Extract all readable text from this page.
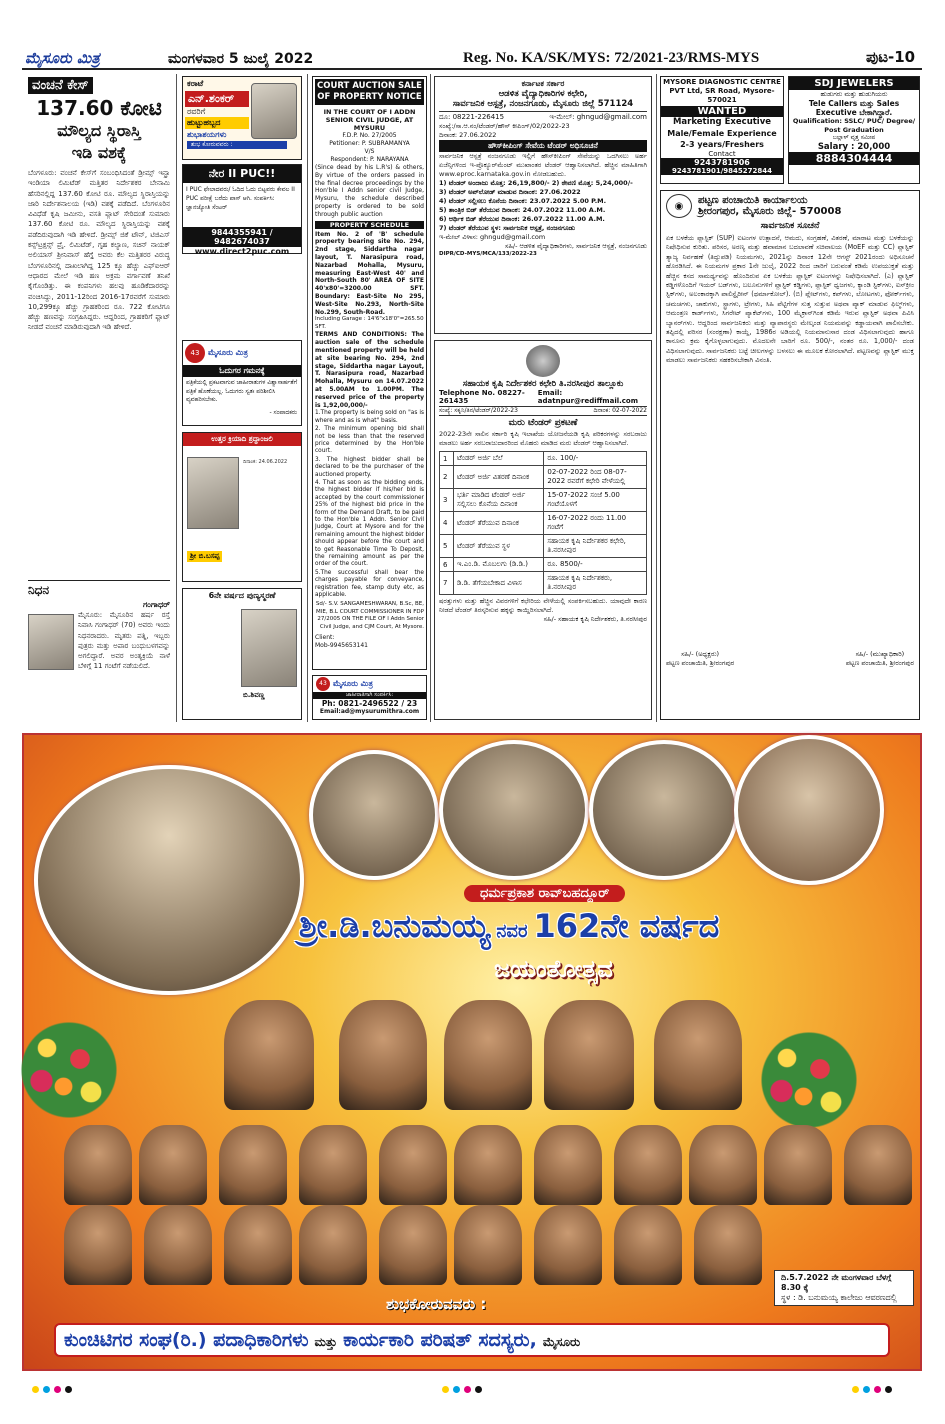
ಮೈಸೂರು ಮಿತ್ರ	ಮಂಗಳವಾರ 5 ಜುಲೈ 2022	Reg. No. KA/SK/MYS: 72/2021-23/RMS-MYS	ಪುಟ-10
ವಂಚನೆ ಕೇಸ್
137.60 ಕೋಟಿ
ಮೌಲ್ಯದ ಸ್ಥಿರಾಸ್ತಿ
ಇಡಿ ವಶಕ್ಕೆ
ಬೆಂಗಳೂರು: ವಂಚನೆ ಕೇಸ್‌ಗೆ ಸಂಬಂಧಿಸಿದಂತೆ ಡ್ರೀಮ್ಸ್ ಇನ್ಫ್ರಾ ಇಂಡಿಯಾ ಲಿಮಿಟೆಡ್ ಮತ್ತಿತರ ನಿರ್ದೇಶಕರ ಬೇನಾಮಿ ಹೆಸರಿನಲ್ಲಿದ್ದ 137.60 ಕೋಟಿ ರೂ. ಮೌಲ್ಯದ ಸ್ಥಿರಾಸ್ತಿಯನ್ನು ಜಾರಿ ನಿರ್ದೇಶನಾಲಯ (ಇಡಿ) ವಶಕ್ಕೆ ಪಡೆದಿದೆ. ಬೆಂಗಳೂರಿನ ವಿವಿಧೆಡೆ ಕೃಷಿ ಜಮೀನು, ವಸತಿ ಪ್ಲಾಟ್ ಸೇರಿದಂತೆ ಸುಮಾರು 137.60 ಕೋಟಿ ರೂ. ಮೌಲ್ಯದ ಸ್ಥಿರಾಸ್ತಿಯನ್ನು ವಶಕ್ಕೆ ಪಡೆದಿರುವುದಾಗಿ ಇಡಿ ಹೇಳಿದೆ. ಡ್ರೀಮ್ಸ್ ಜಿಕೆ ಟೌನ್, ಟಿಜಿಎಸ್ ಕನ್ಸ್‌ಟ್ರಕ್ಷನ್ಸ್ ಪ್ರೈ. ಲಿಮಿಟೆಡ್, ಗೃಹ ಕಲ್ಯಾಣ, ಸಚಿನ್ ನಾಯಕ್ ಅಲಿಯಾಸ್ ಶ್ರೀನಿವಾಸ್ ಹೆಗ್ಡೆ ಅವರು ಕೆಲ ಮತ್ತಿತರರ ವಿರುದ್ಧ ಬೆಂಗಳೂರಿನಲ್ಲಿ ದಾಖಲಾಗಿದ್ದ 125 ಕ್ಕೂ ಹೆಚ್ಚು ಎಫ್‌ಐಆರ್ ಆಧಾರದ ಮೇಲೆ ಇಡಿ ಹಣ ಅಕ್ರಮ ವರ್ಗಾವಣೆ ತನಿಖೆ ಕೈಗೊಂಡಿತ್ತು. ಈ ಕಂಪನಿಗಳು ಹಲವು ಹೂಡಿಕೆದಾರರನ್ನು ವಂಚಿಸಿದ್ದು, 2011-12ರಿಂದ 2016-17ರವರೆಗೆ ಸುಮಾರು 10,299ಕ್ಕೂ ಹೆಚ್ಚು ಗ್ರಾಹಕರಿಂದ ರೂ. 722 ಕೋಟಿಗೂ ಹೆಚ್ಚು ಹಣವನ್ನು ಸಂಗ್ರಹಿಸಿದ್ದರು. ಆದ್ದರಿಂದ, ಗ್ರಾಹಕರಿಗೆ ಫ್ಲಾಟ್ ನೀಡದೆ ವಂಚನೆ ಮಾಡಿರುವುದಾಗಿ ಇಡಿ ಹೇಳಿದೆ.
ನಿಧನ
ಗಂಗಾಧರ್
ಮೈಸೂರು: ಮೈಸೂರಿನ ಹರ್ಷ ರಸ್ತೆ ನಿವಾಸಿ ಗಂಗಾಧರ್ (70) ಅವರು ಇಂದು ನಿಧನರಾದರು. ಮೃತರು ಪತ್ನಿ, ಇಬ್ಬರು ಪುತ್ರರು ಮತ್ತು ಅಪಾರ ಬಂಧುಬಳಗವನ್ನು ಅಗಲಿದ್ದಾರೆ. ಅವರ ಅಂತ್ಯಕ್ರಿಯೆ ನಾಳೆ ಬೆಳಿಗ್ಗೆ 11 ಗಂಟೆಗೆ ನಡೆಯಲಿದೆ.
ಕರಾಟೆ
ಎನ್.ಶಂಕರ್
ರವರಿಗೆ
ಹುಟ್ಟುಹಬ್ಬದ
ಶುಭಾಶಯಗಳು
ಶುಭ ಕೋರುವವರು :
ನೇರ II PUC!!
I PUC ಫೇಲಾದವರು/ ಓದಿದ ಓದು ಬಿಟ್ಟವರು ಕೇವಲ II PUC ಪರೀಕ್ಷೆ ಬರೆದು ಪಾಸ್ ಆಗಿ. ಸಂಪರ್ಕಿಸಿ: ಜ್ಞಾನಜ್ಯೋತಿ ಸೆಂಟರ್
9844355941 / 9482674037
www.direct2puc.com
43	ಮೈಸೂರು ಮಿತ್ರ
ಓದುಗರ ಗಮನಕ್ಕೆ
ಪತ್ರಿಕೆಯಲ್ಲಿ ಪ್ರಕಟವಾಗುವ ಜಾಹೀರಾತುಗಳ ವಿಶ್ವಾಸಾರ್ಹತೆಗೆ ಪತ್ರಿಕೆ ಹೊಣೆಯಲ್ಲ. ಓದುಗರು ಸ್ವತಃ ಪರಿಶೀಲಿಸಿ ವ್ಯವಹರಿಸಬೇಕು.
- ಸಂಪಾದಕರು
ಉತ್ತರ ಕ್ರಿಯಾದಿ ಶ್ರದ್ಧಾಂಜಲಿ
ದಿನಾಂಕ: 24.06.2022
ಶ್ರೀ ಬಿ.ಬಸಪ್ಪ
6ನೇ ವರ್ಷದ ಪುಣ್ಯಸ್ಮರಣೆ
ಬಿ.ಶಿವಣ್ಣ
43 ಮೈಸೂರು ಮಿತ್ರ
ಜಾಹೀರಾತಿಗಾಗಿ ಸಂಪರ್ಕಿಸಿ:
Ph: 0821-2496522 / 23
Email:ad@mysurumithra.com
COURT AUCTION SALE OF PROPERTY NOTICE
IN THE COURT OF I ADDN SENIOR CIVIL JUDGE, AT MYSURU
F.D.P. No. 27/2005
Petitioner: P. SUBRAMANYA
V/S
Respondent: P. NARAYANA
(Since dead by his L.R's) & others, By virtue of the orders passed in the final decree proceedings by the Hon'ble I Addn senior civil Judge, Mysuru, the schedule described property is ordered to be sold through public auction
PROPERTY SCHEDULE
Item No. 2 of 'B' schedule property bearing site No. 294, 2nd stage, Siddartha nagar layout, T. Narasipura road, Nazarbad Mohalla, Mysuru, measuring East-West 40' and North-South 80' AREA OF SITE 40'x80'=3200.00 SFT. Boundary: East-Site No 295, West-Site No.293, North-Site No.299, South-Road.
Including Garage : 14'6"x18'0"=265.50 SFT.
TERMS AND CONDITIONS: The auction sale of the schedule mentioned property will be held at site bearing No. 294, 2nd stage, Siddartha nagar Layout, T. Narasipura road, Nazarbad Mohalla, Mysuru on 14.07.2022 at 5.00AM to 1.00PM. The reserved price of the property is 1,92,00,000/-
1.The property is being sold on "as is where and as is what" basis.
2. The minimum opening bid shall not be less than that the reserved price determined by the Hon'ble court.
3. The highest bidder shall be declared to be the purchaser of the auctioned property.
4. That as soon as the bidding ends, the highest bidder if his/her bid is accepted by the court commissioner 25% of the highest bid price in the form of the Demand Draft, to be paid to the Hon'ble 1 Addn. Senior Civil Judge, Court at Mysore and for the remaining amount the highest bidder should appear before the court and to get Reasonable Time To Deposit, the remaining amount as per the order of the court.
5.The successful shall bear the charges payable for conveyance, registration fee, stamp duty etc, as applicable.
Sd/- S.V. SANGAMESHWARAN, B.Sc, BE, MIE, B.L COURT COMMISSIONER IN FDP 27/2005 ON THE FILE OF I Addn Senior Civil Judge, and CJM Court, At Mysore.
Client:
Mob-9945653141
ಕರ್ನಾಟಕ ಸರ್ಕಾರ
ಆಡಳಿತ ವೈದ್ಯಾಧಿಕಾರಿಗಳ ಕಛೇರಿ,
ಸಾರ್ವಜನಿಕ ಆಸ್ಪತ್ರೆ, ನಂಜನಗೂಡು, ಮೈಸೂರು ಜಿಲ್ಲೆ 571124
ದೂ: 08221-226415	ಇ-ಮೇಲ್: ghngud@gmail.com
ಸಂಖ್ಯೆ:/ಸಾ.ಆ.ನಂ/ಟೆಂಡರ್/ಹೌಸ್‌ ಕೀಪಿಂಗ್/02/2022-23
ದಿನಾಂಕ: 27.06.2022
ಹೌಸ್‌ಕೀಪಿಂಗ್ ಸೇವೆಯ ಟೆಂಡರ್ ಅಧಿಸೂಚನೆ
ಸಾರ್ವಜನಿಕ ಆಸ್ಪತ್ರೆ ನಂಜನಗೂಡು ಇಲ್ಲಿಗೆ ಹೌಸ್‌ಕೀಪಿಂಗ್ ಸೇವೆಯನ್ನು ಒದಗಿಸಲು ಅರ್ಹ ಏಜೆನ್ಸಿಗಳಿಂದ ಇ-ಪ್ರೊಕ್ಯೂರ್‌ಮೆಂಟ್ ಮುಖಾಂತರ ಟೆಂಡರ್ ಆಹ್ವಾನಿಸಲಾಗಿದೆ. ಹೆಚ್ಚಿನ ಮಾಹಿತಿಗಾಗಿ www.eproc.karnataka.gov.in ನೋಡಬಹುದು.
1) ಟೆಂಡರ್ ಅಂದಾಜು ಮೊತ್ತ: 26,19,800/- 2) ಠೇವಣಿ ಮೊತ್ತ: 5,24,000/-
3) ಟೆಂಡರ್ ಅಪ್‌ಲೋಡ್ ಮಾಡುವ ದಿನಾಂಕ: 27.06.2022
4) ಟೆಂಡರ್ ಸಲ್ಲಿಸಲು ಕೊನೆಯ ದಿನಾಂಕ: 23.07.2022 5.00 P.M.
5) ತಾಂತ್ರಿಕ ಬಿಡ್ ತೆರೆಯುವ ದಿನಾಂಕ: 24.07.2022 11.00 A.M.
6) ಆರ್ಥಿಕ ಬಿಡ್ ತೆರೆಯುವ ದಿನಾಂಕ: 26.07.2022 11.00 A.M.
7) ಟೆಂಡರ್ ತೆರೆಯುವ ಸ್ಥಳ: ಸಾರ್ವಜನಿಕ ಆಸ್ಪತ್ರೆ, ನಂಜನಗೂಡು
ಇ-ಮೇಲ್ ವಿಳಾಸ: ghngud@gmail.com
ಸಹಿ/- ಆಡಳಿತ ವೈದ್ಯಾಧಿಕಾರಿಗಳು, ಸಾರ್ವಜನಿಕ ಆಸ್ಪತ್ರೆ, ನಂಜನಗೂಡು
DIPR/CD-MYS/MCA/133/2022-23
ಸಹಾಯಕ ಕೃಷಿ ನಿರ್ದೇಶಕರ ಕಛೇರಿ ತಿ.ನರಸೀಪುರ ತಾಲ್ಲೂಕು
Telephone No. 08227-261435
Email: adatnpur@rediffmail.com
ಸಂಖ್ಯೆ: ಸಕೃನಿ/ತಿನ/ಟೆಂಡರ್/2022-23	ದಿನಾಂಕ: 02-07-2022
ಮರು ಟೆಂಡರ್ ಪ್ರಕಟಣೆ
2022-23ನೇ ಸಾಲಿನ ಸರ್ಕಾರಿ ಕೃಷಿ ಇಲಾಖೆಯ ಯೋಜನೆಯಡಿ ಕೃಷಿ ಪರಿಕರಗಳನ್ನು ಸರಬರಾಜು ಮಾಡಲು ಅರ್ಹ ಸರಬರಾಜುದಾರರಿಂದ ಮೊಹರು ಮಾಡಿದ ಮರು ಟೆಂಡರ್ ಆಹ್ವಾನಿಸಲಾಗಿದೆ.
1	ಟೆಂಡರ್ ಅರ್ಜಿ ಬೆಲೆ	ರೂ. 100/-
2	ಟೆಂಡರ್ ಅರ್ಜಿ ವಿತರಣೆ ದಿನಾಂಕ	02-07-2022 ರಿಂದ 08-07-2022 ರವರೆಗೆ ಕಛೇರಿ ವೇಳೆಯಲ್ಲಿ
3	ಭರ್ತಿ ಮಾಡಿದ ಟೆಂಡರ್ ಅರ್ಜಿ ಸಲ್ಲಿಸಲು ಕೊನೆಯ ದಿನಾಂಕ	15-07-2022 ಸಂಜೆ 5.00 ಗಂಟೆಯೊಳಗೆ
4	ಟೆಂಡರ್ ತೆರೆಯುವ ದಿನಾಂಕ	16-07-2022 ರಂದು 11.00 ಗಂಟೆಗೆ
5	ಟೆಂಡರ್ ತೆರೆಯುವ ಸ್ಥಳ	ಸಹಾಯಕ ಕೃಷಿ ನಿರ್ದೇಶಕರ ಕಛೇರಿ, ತಿ.ನರಸೀಪುರ
6	ಇ.ಎಂ.ಡಿ. ಮೊಬಲಗು (ಡಿ.ಡಿ.)	ರೂ. 8500/-
7	ಡಿ.ಡಿ. ತೆಗೆಯಬೇಕಾದ ವಿಳಾಸ	ಸಹಾಯಕ ಕೃಷಿ ನಿರ್ದೇಶಕರು, ತಿ.ನರಸೀಪುರ
ಷರತ್ತುಗಳು ಮತ್ತು ಹೆಚ್ಚಿನ ವಿವರಗಳಿಗೆ ಕಛೇರಿಯ ವೇಳೆಯಲ್ಲಿ ಸಂಪರ್ಕಿಸಬಹುದು. ಯಾವುದೇ ಕಾರಣ ನೀಡದೆ ಟೆಂಡರ್ ತಿರಸ್ಕರಿಸುವ ಹಕ್ಕನ್ನು ಕಾಯ್ದಿರಿಸಲಾಗಿದೆ.
ಸಹಿ/- ಸಹಾಯಕ ಕೃಷಿ ನಿರ್ದೇಶಕರು, ತಿ.ನರಸೀಪುರ
MYSORE DIAGNOSTIC CENTRE PVT Ltd, SR Road, Mysore-570021
WANTED
Marketing Executive
Male/Female Experience
2-3 years/Freshers
Contact
9243781906
9243781901/9845272844
SDJ JEWELERS
ಹುಡುಗರು ಮತ್ತು ಹುಡುಗಿಯರು
Tele Callers ಮತ್ತು Sales Executive ಬೇಕಾಗಿದ್ದಾರೆ.
Qualification: SSLC/ PUC/ Degree/ Post Graduation
ಬಲ್ಲಾಳ್ ವೃತ್ತ ಸಮೀಪ
Salary : 20,000
8884304444
◉	ಪಟ್ಟಣ ಪಂಚಾಯಿತಿ ಕಾರ್ಯಾಲಯ
ಶ್ರೀರಂಗಪುರ, ಮೈಸೂರು ಜಿಲ್ಲೆ- 570008
ಸಾರ್ವಜನಿಕ ಸೂಚನೆ
ಏಕ ಬಳಕೆಯ ಪ್ಲಾಸ್ಟಿಕ್ (SUP) ಐಟಂಗಳ ಉತ್ಪಾದನೆ, ಆಮದು, ಸಂಗ್ರಹಣೆ, ವಿತರಣೆ, ಮಾರಾಟ ಮತ್ತು ಬಳಕೆಯನ್ನು ನಿಷೇಧಿಸುವ ಕುರಿತು. ಪರಿಸರ, ಅರಣ್ಯ ಮತ್ತು ಹವಾಮಾನ ಬದಲಾವಣೆ ಸಚಿವಾಲಯ (MoEF ಮತ್ತು CC) ಪ್ಲಾಸ್ಟಿಕ್ ತ್ಯಾಜ್ಯ ನಿರ್ವಹಣೆ (ತಿದ್ದುಪಡಿ) ನಿಯಮಗಳು, 2021ನ್ನು ದಿನಾಂಕ 12ನೇ ಆಗಸ್ಟ್ 2021ರಂದು ಅಧಿಸೂಚನೆ ಹೊರಡಿಸಿದೆ. ಈ ನಿಯಮಗಳ ಪ್ರಕಾರ 1ನೇ ಜುಲೈ, 2022 ರಿಂದ ಜಾರಿಗೆ ಬರುವಂತೆ ಕಡಿಮೆ ಉಪಯುಕ್ತತೆ ಮತ್ತು ಹೆಚ್ಚಿನ ಕಸದ ಸಾಮರ್ಥ್ಯವನ್ನು ಹೊಂದಿರುವ ಏಕ ಬಳಕೆಯ ಪ್ಲಾಸ್ಟಿಕ್ ಐಟಂಗಳನ್ನು ನಿಷೇಧಿಸಲಾಗಿದೆ. (ಎ) ಪ್ಲಾಸ್ಟಿಕ್ ಕಡ್ಡಿಗಳೊಂದಿಗೆ ಇಯರ್ ಬಡ್‌ಗಳು, ಬಲೂನುಗಳಿಗೆ ಪ್ಲಾಸ್ಟಿಕ್ ಕಡ್ಡಿಗಳು, ಪ್ಲಾಸ್ಟಿಕ್ ಧ್ವಜಗಳು, ಕ್ಯಾಂಡಿ ಸ್ಟಿಕ್‌ಗಳು, ಐಸ್‌ಕ್ರೀಂ ಸ್ಟಿಕ್‌ಗಳು, ಅಲಂಕಾರಕ್ಕಾಗಿ ಪಾಲಿಸ್ಟೈರೀನ್ (ಥರ್ಮಾಕೋಲ್). (ಬಿ) ಪ್ಲೇಟ್‌ಗಳು, ಕಪ್‌ಗಳು, ಲೋಟಗಳು, ಫೋರ್ಕ್‌ಗಳು, ಚಮಚಗಳು, ಚಾಕುಗಳು, ಸ್ಟ್ರಾಗಳು, ಟ್ರೇಗಳು, ಸಿಹಿ ಪೆಟ್ಟಿಗೆಗಳ ಸುತ್ತ ಸುತ್ತುವ ಅಥವಾ ಪ್ಯಾಕ್ ಮಾಡುವ ಫಿಲ್ಮ್‌ಗಳು, ಆಮಂತ್ರಣ ಕಾರ್ಡ್‌ಗಳು, ಸಿಗರೇಟ್ ಪ್ಯಾಕೆಟ್‌ಗಳು, 100 ಮೈಕ್ರಾನ್‌ಗಿಂತ ಕಡಿಮೆ ಇರುವ ಪ್ಲಾಸ್ಟಿಕ್ ಅಥವಾ ಪಿವಿಸಿ ಬ್ಯಾನರ್‌ಗಳು. ಆದ್ದರಿಂದ ಸಾರ್ವಜನಿಕರು ಮತ್ತು ವ್ಯಾಪಾರಸ್ಥರು ಮೇಲ್ಕಂಡ ನಿಯಮವನ್ನು ಕಡ್ಡಾಯವಾಗಿ ಪಾಲಿಸಬೇಕು. ತಪ್ಪಿದಲ್ಲಿ ಪರಿಸರ (ಸಂರಕ್ಷಣಾ) ಕಾಯ್ದೆ, 1986ರ ಅಡಿಯಲ್ಲಿ ನಿಯಮಾನುಸಾರ ದಂಡ ವಿಧಿಸಲಾಗುವುದು ಹಾಗೂ ಕಾನೂನು ಕ್ರಮ ಕೈಗೊಳ್ಳಲಾಗುವುದು. ಮೊದಲನೇ ಬಾರಿಗೆ ರೂ. 500/-, ನಂತರ ರೂ. 1,000/- ದಂಡ ವಿಧಿಸಲಾಗುವುದು. ಸಾರ್ವಜನಿಕರು ಬಟ್ಟೆ ಚೀಲಗಳನ್ನು ಬಳಸಲು ಈ ಮೂಲಕ ಕೋರಲಾಗಿದೆ. ಪಟ್ಟಣವನ್ನು ಪ್ಲಾಸ್ಟಿಕ್ ಮುಕ್ತ ಮಾಡಲು ಸಾರ್ವಜನಿಕರು ಸಹಕರಿಸಬೇಕಾಗಿ ವಿನಂತಿ.
ಸಹಿ/- (ಅಧ್ಯಕ್ಷರು)
ಪಟ್ಟಣ ಪಂಚಾಯಿತಿ, ಶ್ರೀರಂಗಪುರ
ಸಹಿ/- (ಮುಖ್ಯಾಧಿಕಾರಿ)
ಪಟ್ಟಣ ಪಂಚಾಯಿತಿ, ಶ್ರೀರಂಗಪುರ
ಧರ್ಮಪ್ರಕಾಶ ರಾವ್‌ಬಹದ್ದೂರ್
ಶ್ರೀ.ಡಿ.ಬನುಮಯ್ಯ ನವರ 162ನೇ ವರ್ಷದ
ಜಯಂತೋತ್ಸವ
ದಿ.5.7.2022 ನೇ ಮಂಗಳವಾರ ಬೆಳಗ್ಗೆ 8.30 ಕ್ಕೆ
ಸ್ಥಳ : ಡಿ. ಬನುಮಯ್ಯ ಕಾಲೇಜು ಆವರಣದಲ್ಲಿ
ಶುಭಕೋರುವವರು :
ಕುಂಚಿಟಿಗರ ಸಂಘ(ರಿ.) ಪದಾಧಿಕಾರಿಗಳು ಮತ್ತು ಕಾರ್ಯಕಾರಿ ಪರಿಷತ್ ಸದಸ್ಯರು, ಮೈಸೂರು
